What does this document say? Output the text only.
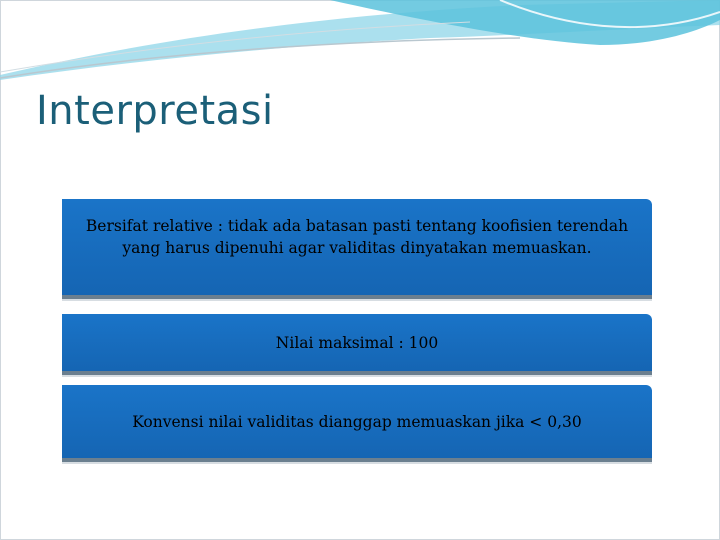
Interpretasi
Bersifat relative : tidak ada batasan pasti tentang koofisien terendah yang harus dipenuhi agar validitas dinyatakan memuaskan.
Nilai maksimal : 100
Konvensi nilai validitas dianggap memuaskan jika < 0,30
